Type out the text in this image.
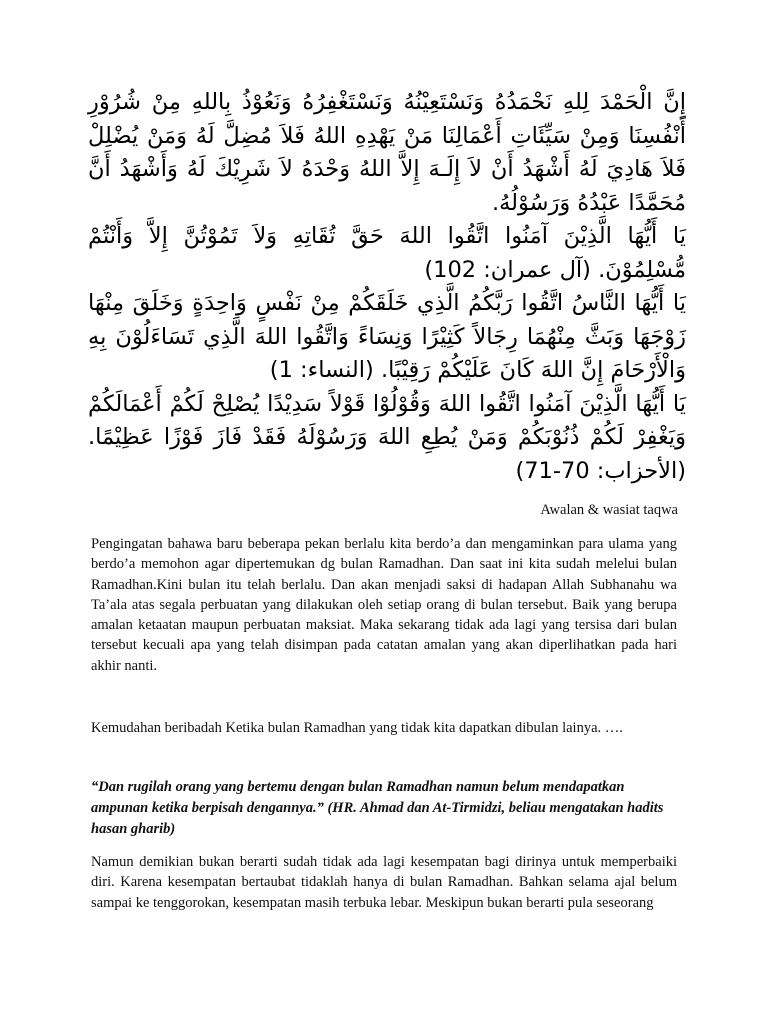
إِنَّ الْحَمْدَ لِلهِ نَحْمَدُهُ وَنَسْتَعِيْنُهُ وَنَسْتَغْفِرُهُ وَنَعُوْذُ بِاللهِ مِنْ شُرُوْرِ أَنْفُسِنَا وَمِنْ سَيِّئَاتِ أَعْمَالِنَا مَنْ يَهْدِهِ اللهُ فَلاَ مُضِلَّ لَهُ وَمَنْ يُضْلِلْ فَلاَ هَادِيَ لَهُ أَشْهَدُ أَنْ لاَ إِلَـهَ إِلاَّ اللهُ وَحْدَهُ لاَ شَرِيْكَ لَهُ وَأَشْهَدُ أَنَّ مُحَمَّدًا عَبْدُهُ وَرَسُوْلُهُ.

يَا أَيُّهَا الَّذِيْنَ آمَنُوا اتَّقُوا اللهَ حَقَّ تُقَاتِهِ وَلاَ تَمُوْتُنَّ إِلاَّ وَأَنْتُمْ مُّسْلِمُوْنَ. (آل عمران: 102)

يَا أَيُّهَا النَّاسُ اتَّقُوا رَبَّكُمُ الَّذِي خَلَقَكُمْ مِنْ نَفْسٍ وَاحِدَةٍ وَخَلَقَ مِنْهَا زَوْجَهَا وَبَثَّ مِنْهُمَا رِجَالاً كَثِيْرًا وَنِسَاءً وَاتَّقُوا اللهَ الَّذِي تَسَاءَلُوْنَ بِهِ وَالْأَرْحَامَ إِنَّ اللهَ كَانَ عَلَيْكُمْ رَقِيْبًا. (النساء: 1)

يَا أَيُّهَا الَّذِيْنَ آمَنُوا اتَّقُوا اللهَ وَقُوْلُوْا قَوْلاً سَدِيْدًا يُصْلِحْ لَكُمْ أَعْمَالَكُمْ وَيَغْفِرْ لَكُمْ ذُنُوْبَكُمْ وَمَنْ يُطِعِ اللهَ وَرَسُوْلَهُ فَقَدْ فَازَ فَوْزًا عَظِيْمًا. (الأحزاب: 70-71)

Awalan & wasiat taqwa

Pengingatan bahawa baru beberapa pekan berlalu kita berdo’a dan mengaminkan para ulama yang berdo’a memohon agar dipertemukan dg bulan Ramadhan. Dan saat ini kita sudah melelui bulan Ramadhan.Kini bulan itu telah berlalu. Dan akan menjadi saksi di hadapan Allah Subhanahu wa Ta’ala atas segala perbuatan yang dilakukan oleh setiap orang di bulan tersebut. Baik yang berupa amalan ketaatan maupun perbuatan maksiat. Maka sekarang tidak ada lagi yang tersisa dari bulan tersebut kecuali apa yang telah disimpan pada catatan amalan yang akan diperlihatkan pada hari akhir nanti.

Kemudahan beribadah Ketika bulan Ramadhan yang tidak kita dapatkan dibulan lainya. ….

“Dan rugilah orang yang bertemu dengan bulan Ramadhan namun belum mendapatkan ampunan ketika berpisah dengannya.” (HR. Ahmad dan At-Tirmidzi, beliau mengatakan hadits hasan gharib)

Namun demikian bukan berarti sudah tidak ada lagi kesempatan bagi dirinya untuk memperbaiki diri. Karena kesempatan bertaubat tidaklah hanya di bulan Ramadhan. Bahkan selama ajal belum sampai ke tenggorokan, kesempatan masih terbuka lebar. Meskipun bukan berarti pula seseorang
